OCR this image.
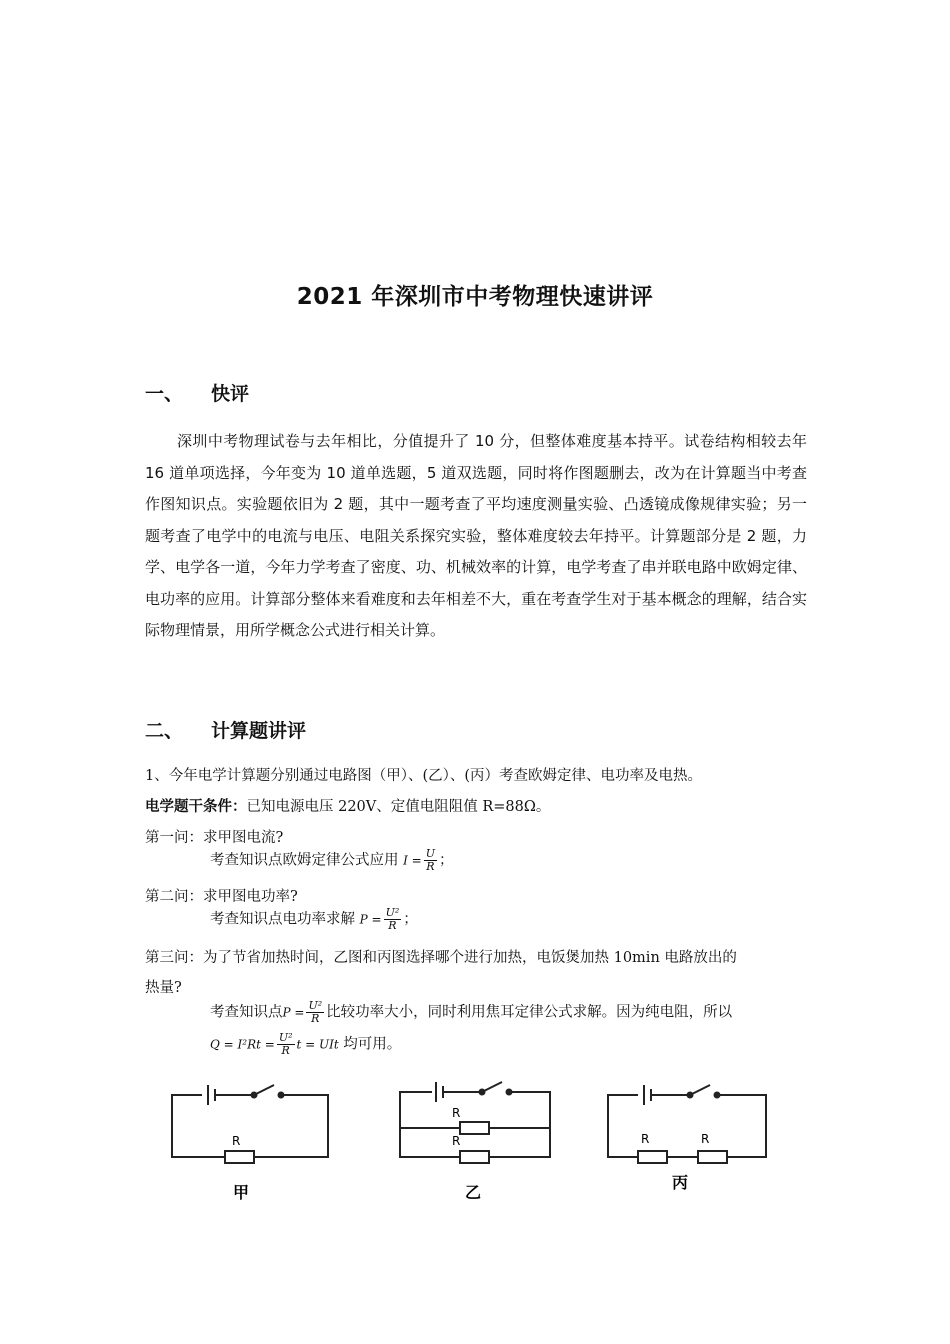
2021 年深圳市中考物理快速讲评
一、 快评
深圳中考物理试卷与去年相比，分值提升了 10 分，但整体难度基本持平。试卷结构相较去年 16 道单项选择，今年变为 10 道单选题，5 道双选题，同时将作图题删去，改为在计算题当中考查作图知识点。实验题依旧为 2 题，其中一题考查了平均速度测量实验、凸透镜成像规律实验；另一题考查了电学中的电流与电压、电阻关系探究实验，整体难度较去年持平。计算题部分是 2 题，力学、电学各一道，今年力学考查了密度、功、机械效率的计算，电学考查了串并联电路中欧姆定律、电功率的应用。计算部分整体来看难度和去年相差不大，重在考查学生对于基本概念的理解，结合实际物理情景，用所学概念公式进行相关计算。
二、 计算题讲评
1、今年电学计算题分别通过电路图（甲）、(乙）、(丙）考查欧姆定律、电功率及电热。
电学题干条件：已知电源电压 220V、定值电阻阻值 R=88Ω。
第一问：求甲图电流?
考查知识点欧姆定律公式应用 $I = \frac{U}{R}$ ；
第二问：求甲图电功率?
考查知识点电功率求解 $P = \frac{\text{U²}}{R}$ ；
第三问：为了节省加热时间，乙图和丙图选择哪个进行加热，电饭煲加热 10min 电路放出的
热量?
考查知识点$P = \frac{\text{U²}}{R}$ 比较功率大小，同时利用焦耳定律公式求解。因为纯电阻，所以
$Q = I^2Rt = \frac{\text{U²}}{R}$ t = UIt 均可用。
R
甲
R
R
乙
R	R
丙
